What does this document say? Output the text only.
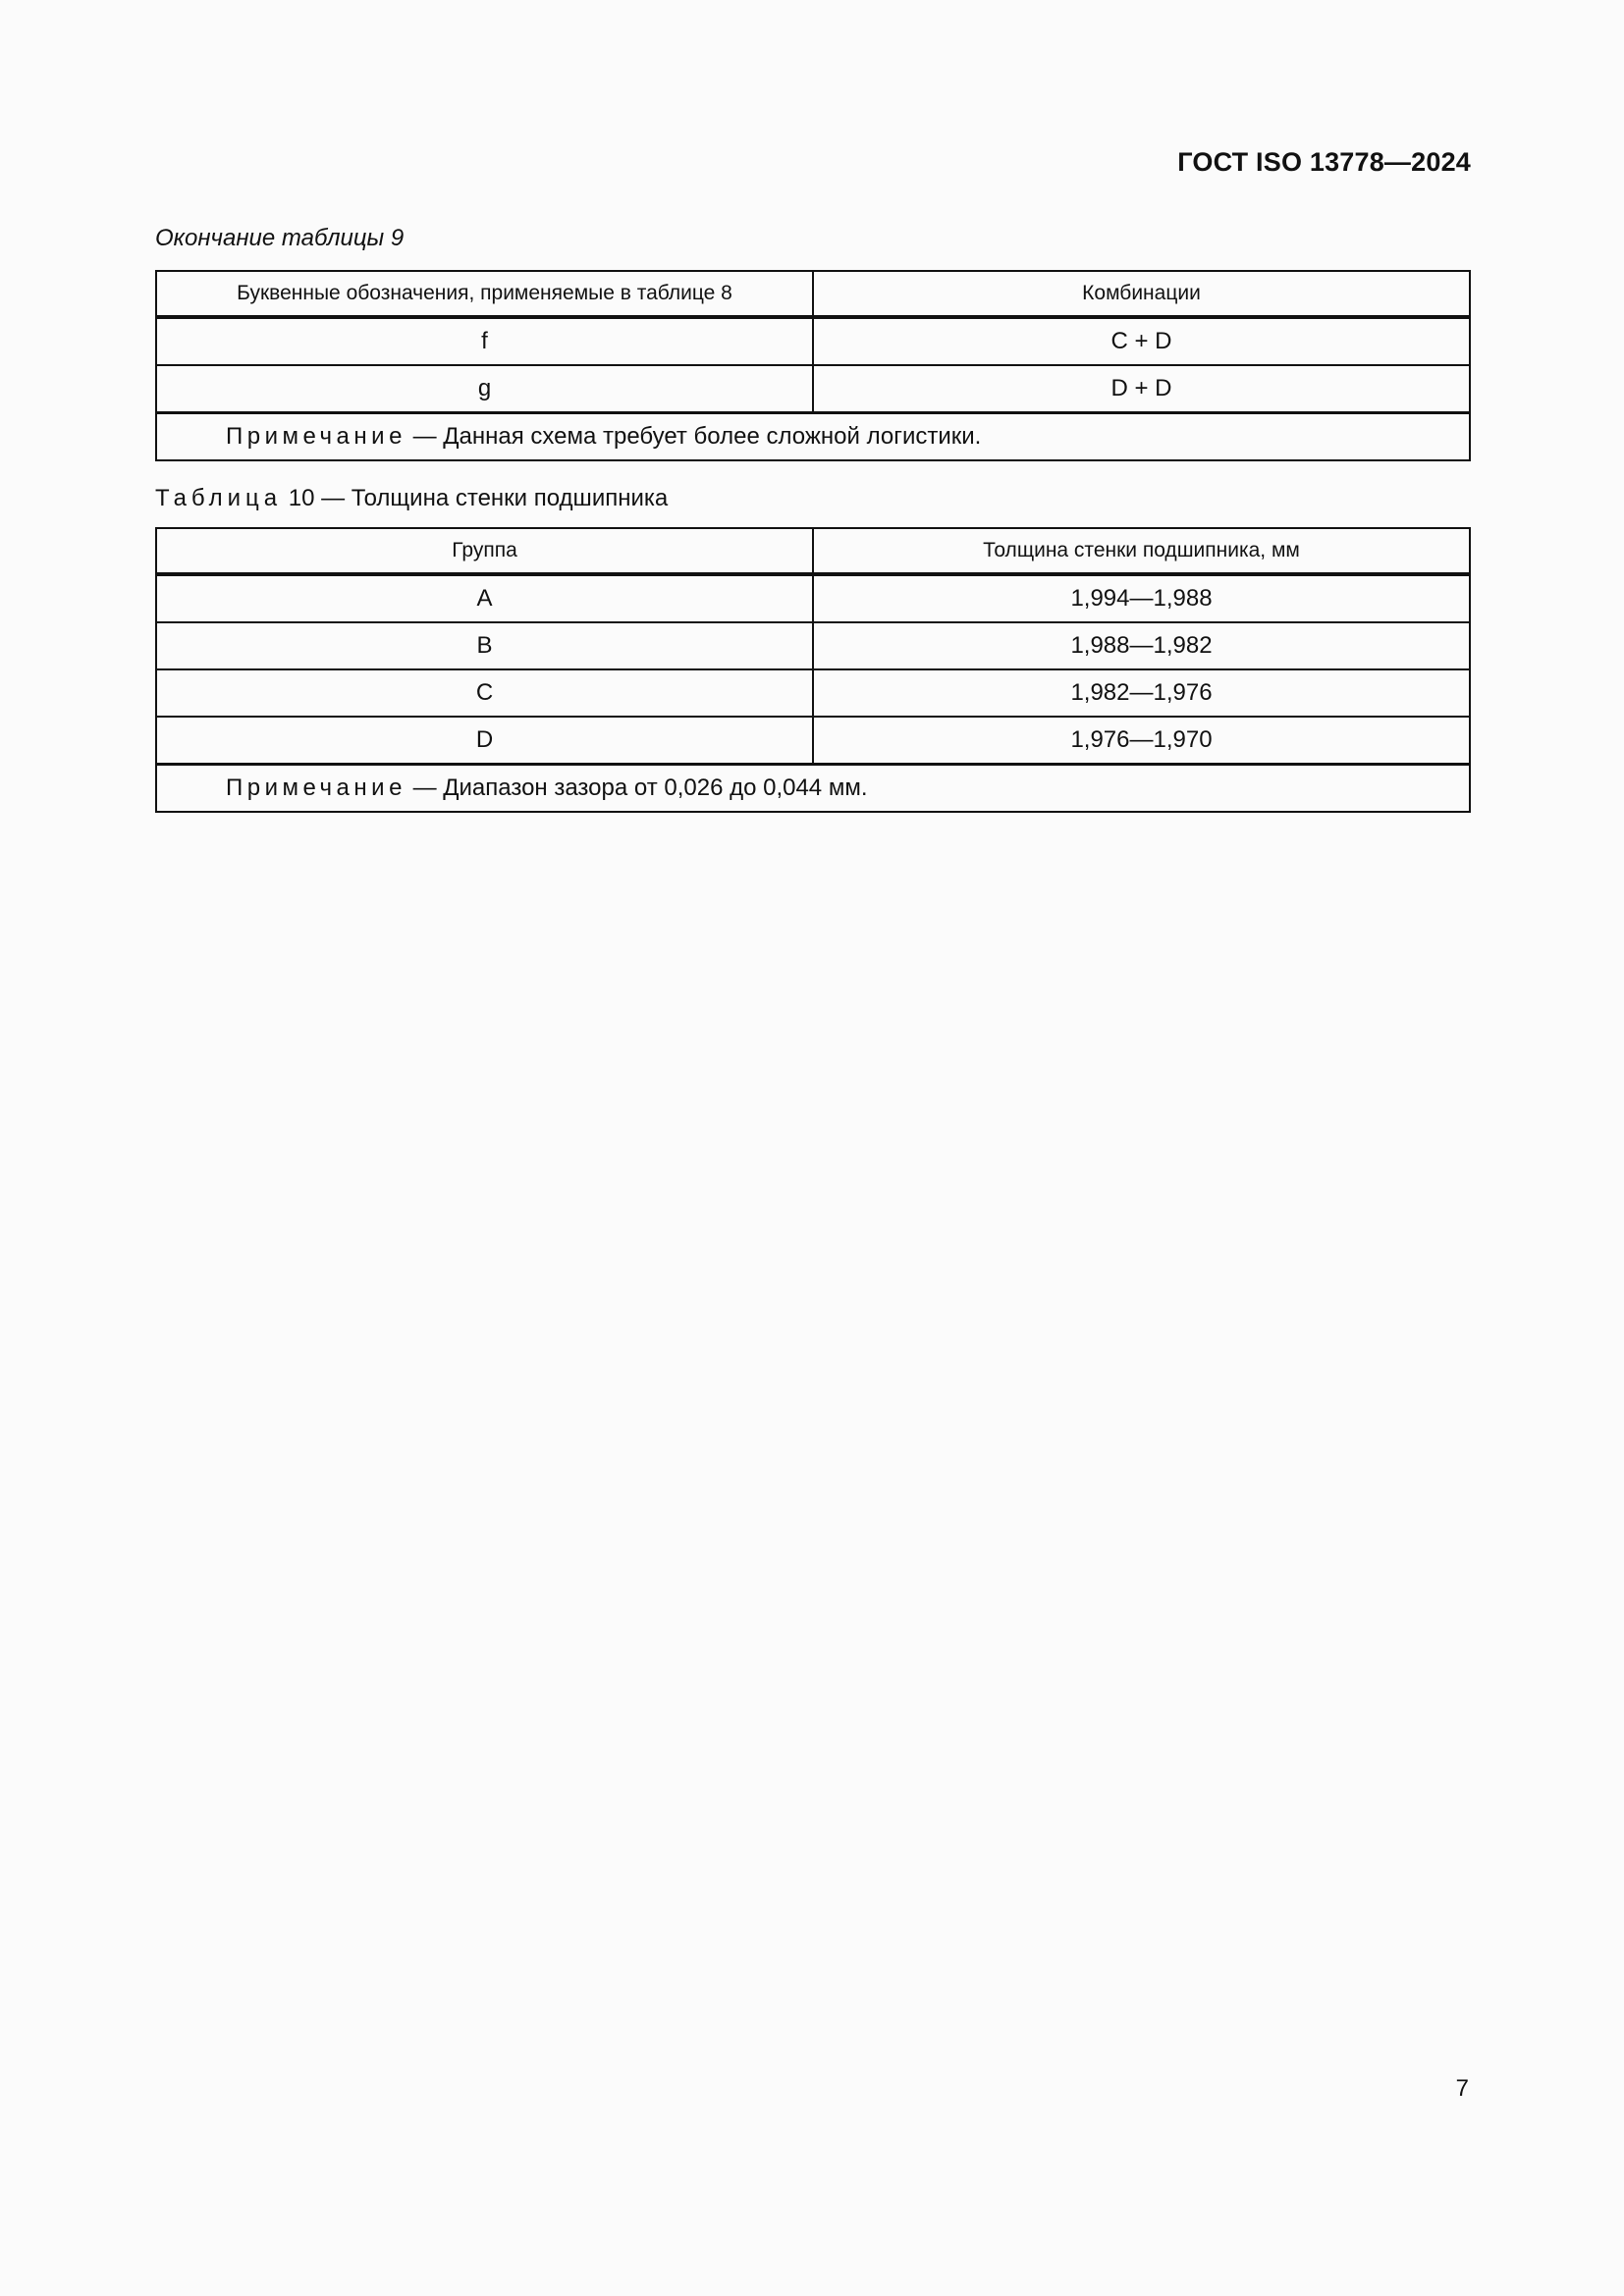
ГОСТ ISO 13778—2024
Окончание таблицы 9
Буквенные обозначения, применяемые в таблице 8	Комбинации
f	C + D
g	D + D
Примечание — Данная схема требует более сложной логистики.	
Таблица 10 — Толщина стенки подшипника
Группа	Толщина стенки подшипника, мм
A	1,994—1,988
B	1,988—1,982
C	1,982—1,976
D	1,976—1,970
Примечание — Диапазон зазора от 0,026 до 0,044 мм.	
7
